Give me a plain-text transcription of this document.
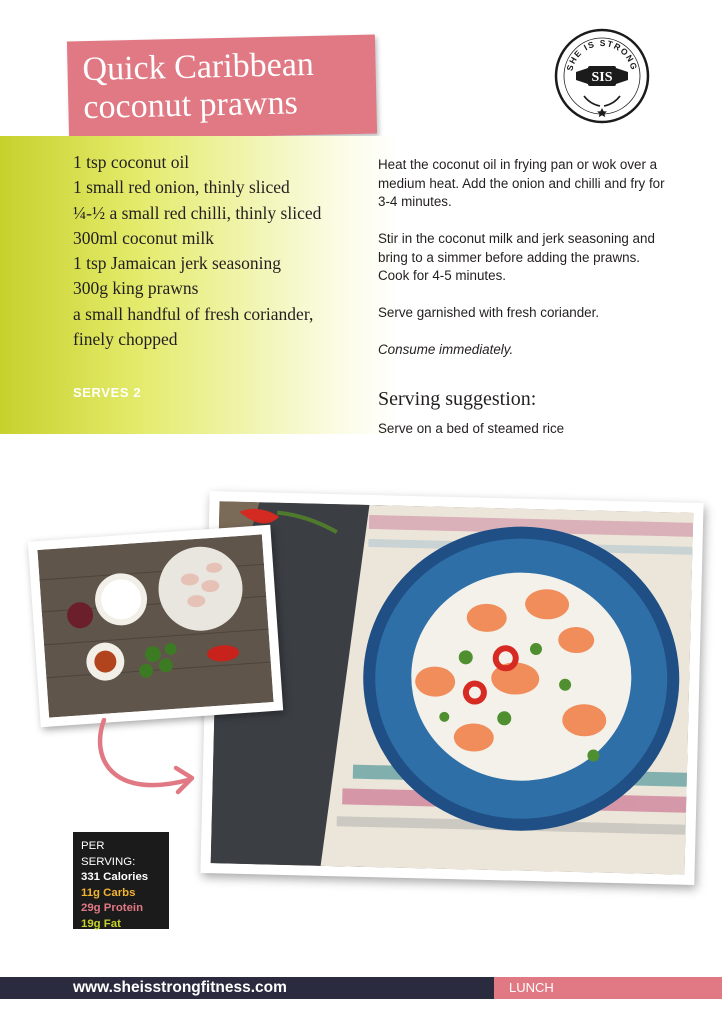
Quick Caribbean
coconut prawns
SHE IS STRONG
SIS
1 tsp coconut oil
1 small red onion, thinly sliced
¼-½ a small red chilli, thinly sliced
300ml coconut milk
1 tsp Jamaican jerk seasoning
300g king prawns
a small handful of fresh coriander,
finely chopped
SERVES 2

Heat the coconut oil in frying pan or wok over a medium heat. Add the onion and chilli and fry for 3-4 minutes.

Stir in the coconut milk and jerk seasoning and bring to a simmer before adding the prawns. Cook for 4-5 minutes.

Serve garnished with fresh coriander.

Consume immediately.

Serving suggestion:
Serve on a bed of steamed rice
PER SERVING:
331 Calories
11g Carbs
29g Protein
19g Fat
www.sheisstrongfitness.com	LUNCH
